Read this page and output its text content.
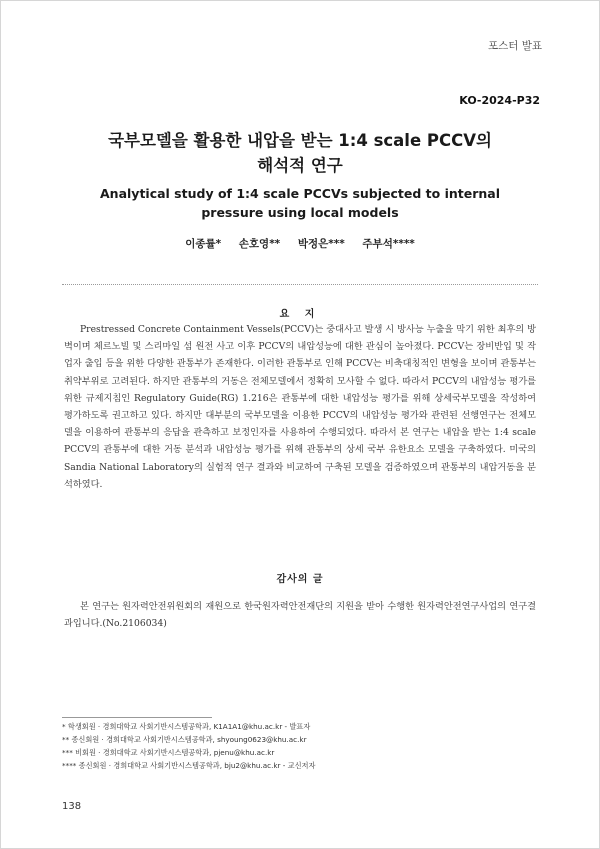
포스터 발표
KO-2024-P32
국부모델을 활용한 내압을 받는 1:4 scale PCCV의
해석적 연구
Analytical study of 1:4 scale PCCVs subjected to internal pressure using local models
이종률* 손호영** 박정은*** 주부석****
요 지
Prestressed Concrete Containment Vessels(PCCV)는 중대사고 발생 시 방사능 누출을 막기 위한 최후의 방벽이며 체르노빌 및 스리마일 섬 원전 사고 이후 PCCV의 내압성능에 대한 관심이 높아졌다. PCCV는 장비반입 및 작업자 출입 등을 위한 다양한 관통부가 존재한다. 이러한 관통부로 인해 PCCV는 비축대칭적인 변형을 보이며 관통부는 취약부위로 고려된다. 하지만 관통부의 거동은 전체모델에서 정확히 모사할 수 없다. 따라서 PCCV의 내압성능 평가를 위한 규제지침인 Regulatory Guide(RG) 1.216은 관통부에 대한 내압성능 평가를 위해 상세국부모델을 작성하여 평가하도록 권고하고 있다. 하지만 대부분의 국부모델을 이용한 PCCV의 내압성능 평가와 관련된 선행연구는 전체모델을 이용하여 관통부의 응답을 관측하고 보정인자를 사용하여 수행되었다. 따라서 본 연구는 내압을 받는 1:4 scale PCCV의 관통부에 대한 거동 분석과 내압성능 평가를 위해 관통부의 상세 국부 유한요소 모델을 구축하였다. 미국의 Sandia National Laboratory의 실험적 연구 결과와 비교하여 구축된 모델을 검증하였으며 관통부의 내압거동을 분석하였다.
감사의 글
본 연구는 원자력안전위원회의 재원으로 한국원자력안전재단의 지원을 받아 수행한 원자력안전연구사업의 연구결과입니다.(No.2106034)
* 학생회원 · 경희대학교 사회기반시스템공학과, K1A1A1@khu.ac.kr - 발표자
** 종신회원 · 경희대학교 사회기반시스템공학과, shyoung0623@khu.ac.kr
*** 비회원 · 경희대학교 사회기반시스템공학과, pjenu@khu.ac.kr
**** 종신회원 · 경희대학교 사회기반시스템공학과, bju2@khu.ac.kr - 교신저자
138
